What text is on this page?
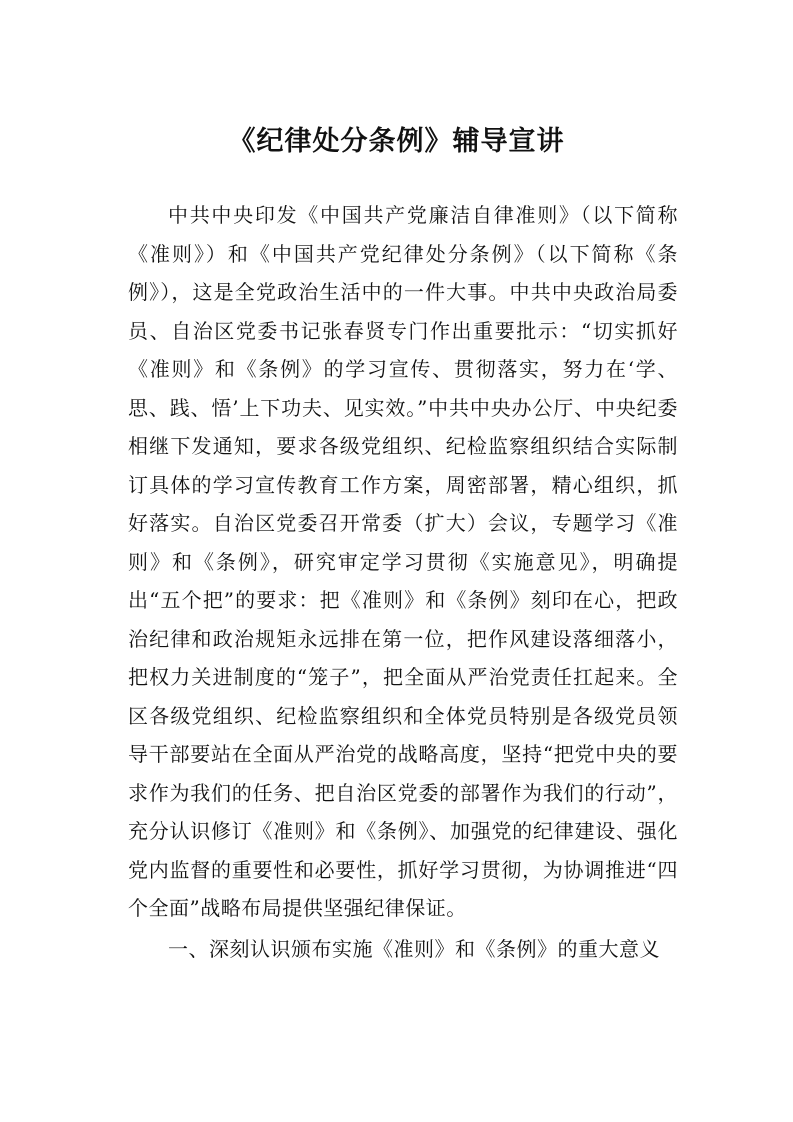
《纪律处分条例》辅导宣讲

中共中央印发《中国共产党廉洁自律准则》（以下简称《准则》）和《中国共产党纪律处分条例》（以下简称《条例》），这是全党政治生活中的一件大事。中共中央政治局委员、自治区党委书记张春贤专门作出重要批示：“切实抓好《准则》和《条例》的学习宣传、贯彻落实，努力在‘学、思、践、悟’上下功夫、见实效。”中共中央办公厅、中央纪委相继下发通知，要求各级党组织、纪检监察组织结合实际制订具体的学习宣传教育工作方案，周密部署，精心组织，抓好落实。自治区党委召开常委（扩大）会议，专题学习《准则》和《条例》，研究审定学习贯彻《实施意见》，明确提出“五个把”的要求：把《准则》和《条例》刻印在心，把政治纪律和政治规矩永远排在第一位，把作风建设落细落小，把权力关进制度的“笼子”，把全面从严治党责任扛起来。全区各级党组织、纪检监察组织和全体党员特别是各级党员领导干部要站在全面从严治党的战略高度，坚持“把党中央的要求作为我们的任务、把自治区党委的部署作为我们的行动”，充分认识修订《准则》和《条例》、加强党的纪律建设、强化党内监督的重要性和必要性，抓好学习贯彻，为协调推进“四个全面”战略布局提供坚强纪律保证。

一、深刻认识颁布实施《准则》和《条例》的重大意义
